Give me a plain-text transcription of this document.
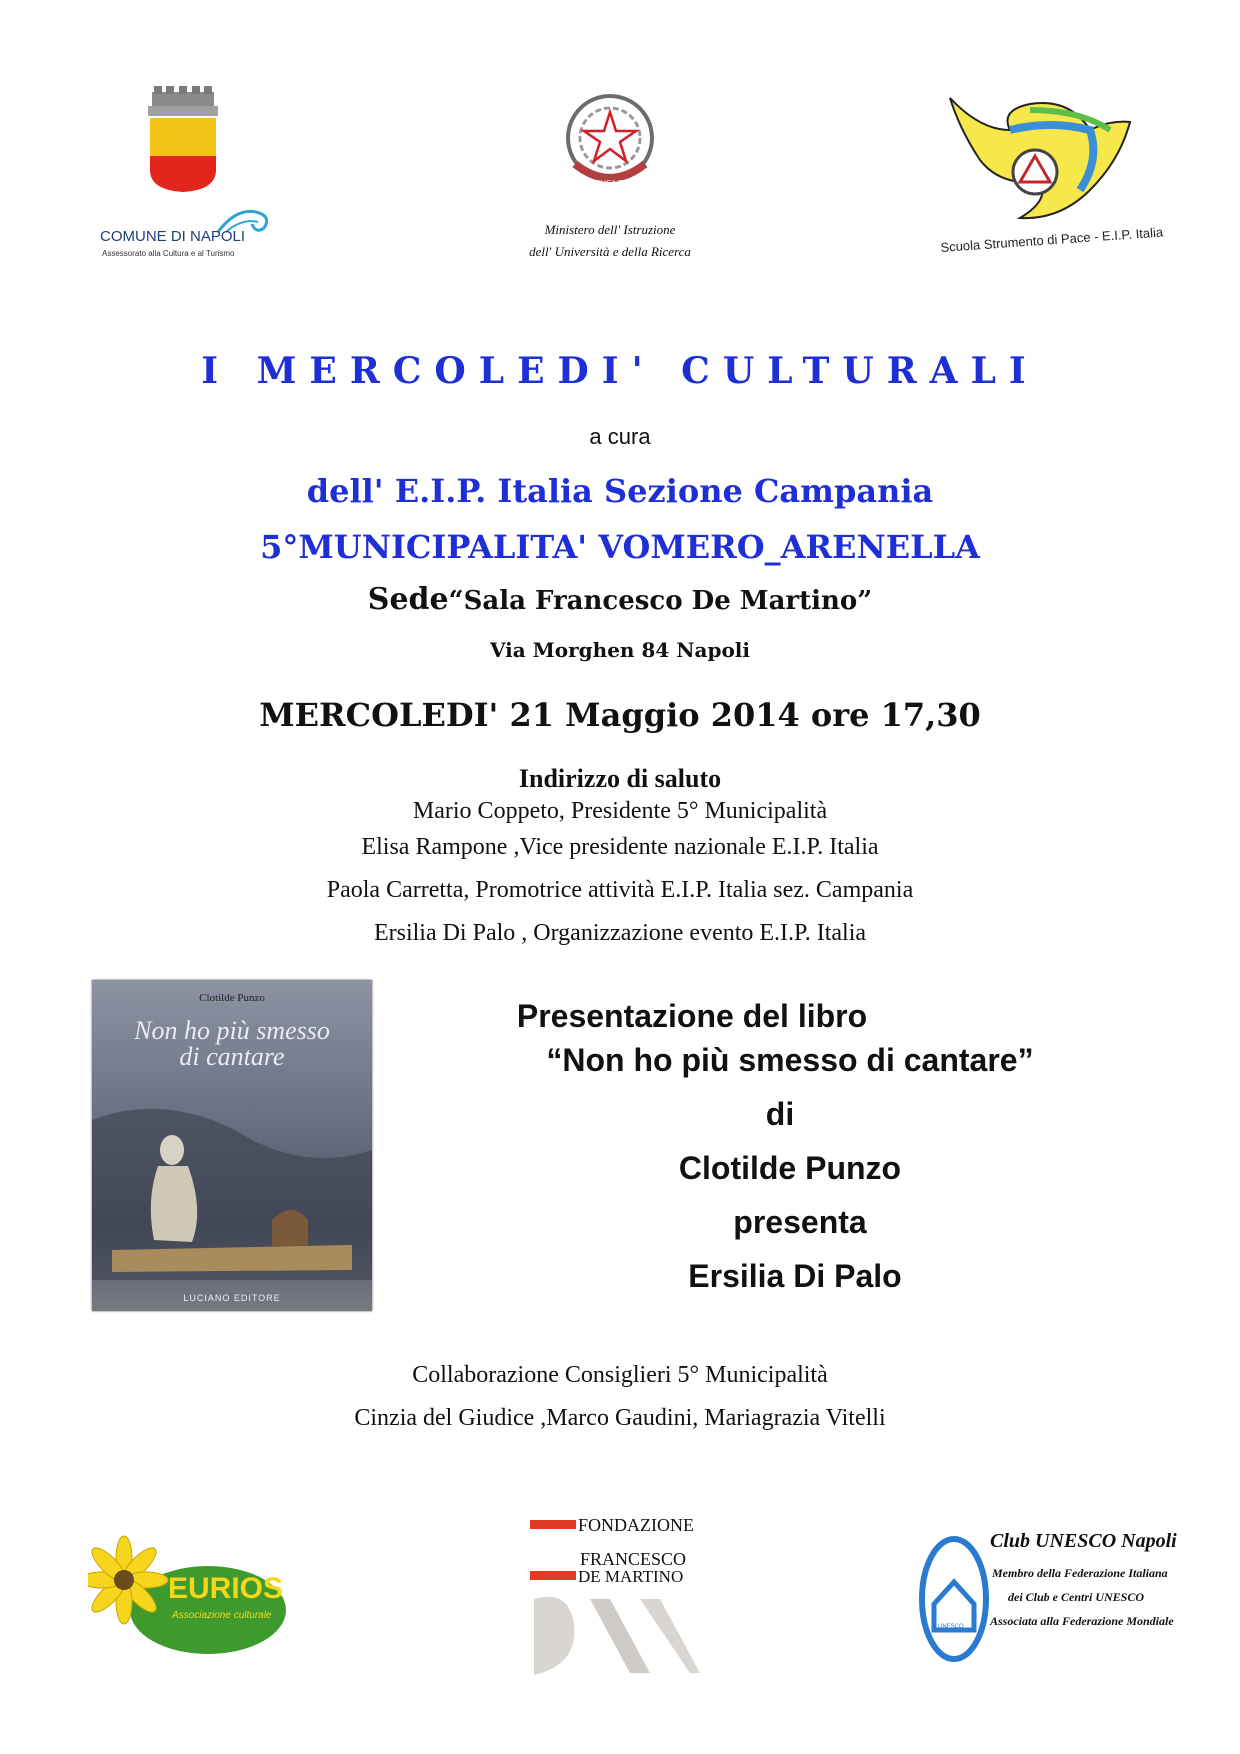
COMUNE DI NAPOLI
Assessorato alla Cultura e al Turismo
REPVBBLICA ITALIANA
Ministero dell' Istruzione
dell' Università e della Ricerca	Scuola Strumento di Pace - E.I.P. Italia
I MERCOLEDI' CULTURALI
a cura
dell' E.I.P. Italia Sezione Campania
5°MUNICIPALITA' VOMERO_ARENELLA
Sede“Sala Francesco De Martino”
Via Morghen 84 Napoli
MERCOLEDI' 21 Maggio 2014 ore 17,30
Indirizzo di saluto
Mario Coppeto, Presidente 5° Municipalità
Elisa Rampone ,Vice presidente nazionale E.I.P. Italia
Paola Carretta, Promotrice attività E.I.P. Italia sez. Campania
Ersilia Di Palo , Organizzazione evento E.I.P. Italia
Clotilde Punzo
Non ho più smesso
di cantare
LUCIANO EDITORE
Presentazione del libro
“Non ho più smesso di cantare”
di
Clotilde Punzo
presenta
Ersilia Di Palo
Collaborazione Consiglieri 5° Municipalità
Cinzia del Giudice ,Marco Gaudini, Mariagrazia Vitelli
EURIOS
Associazione culturale
FONDAZIONE
FRANCESCO
DE MARTINO
UNESCO
Club UNESCO Napoli
Membro della Federazione Italiana
dei Club e Centri UNESCO
Associata alla Federazione Mondiale
